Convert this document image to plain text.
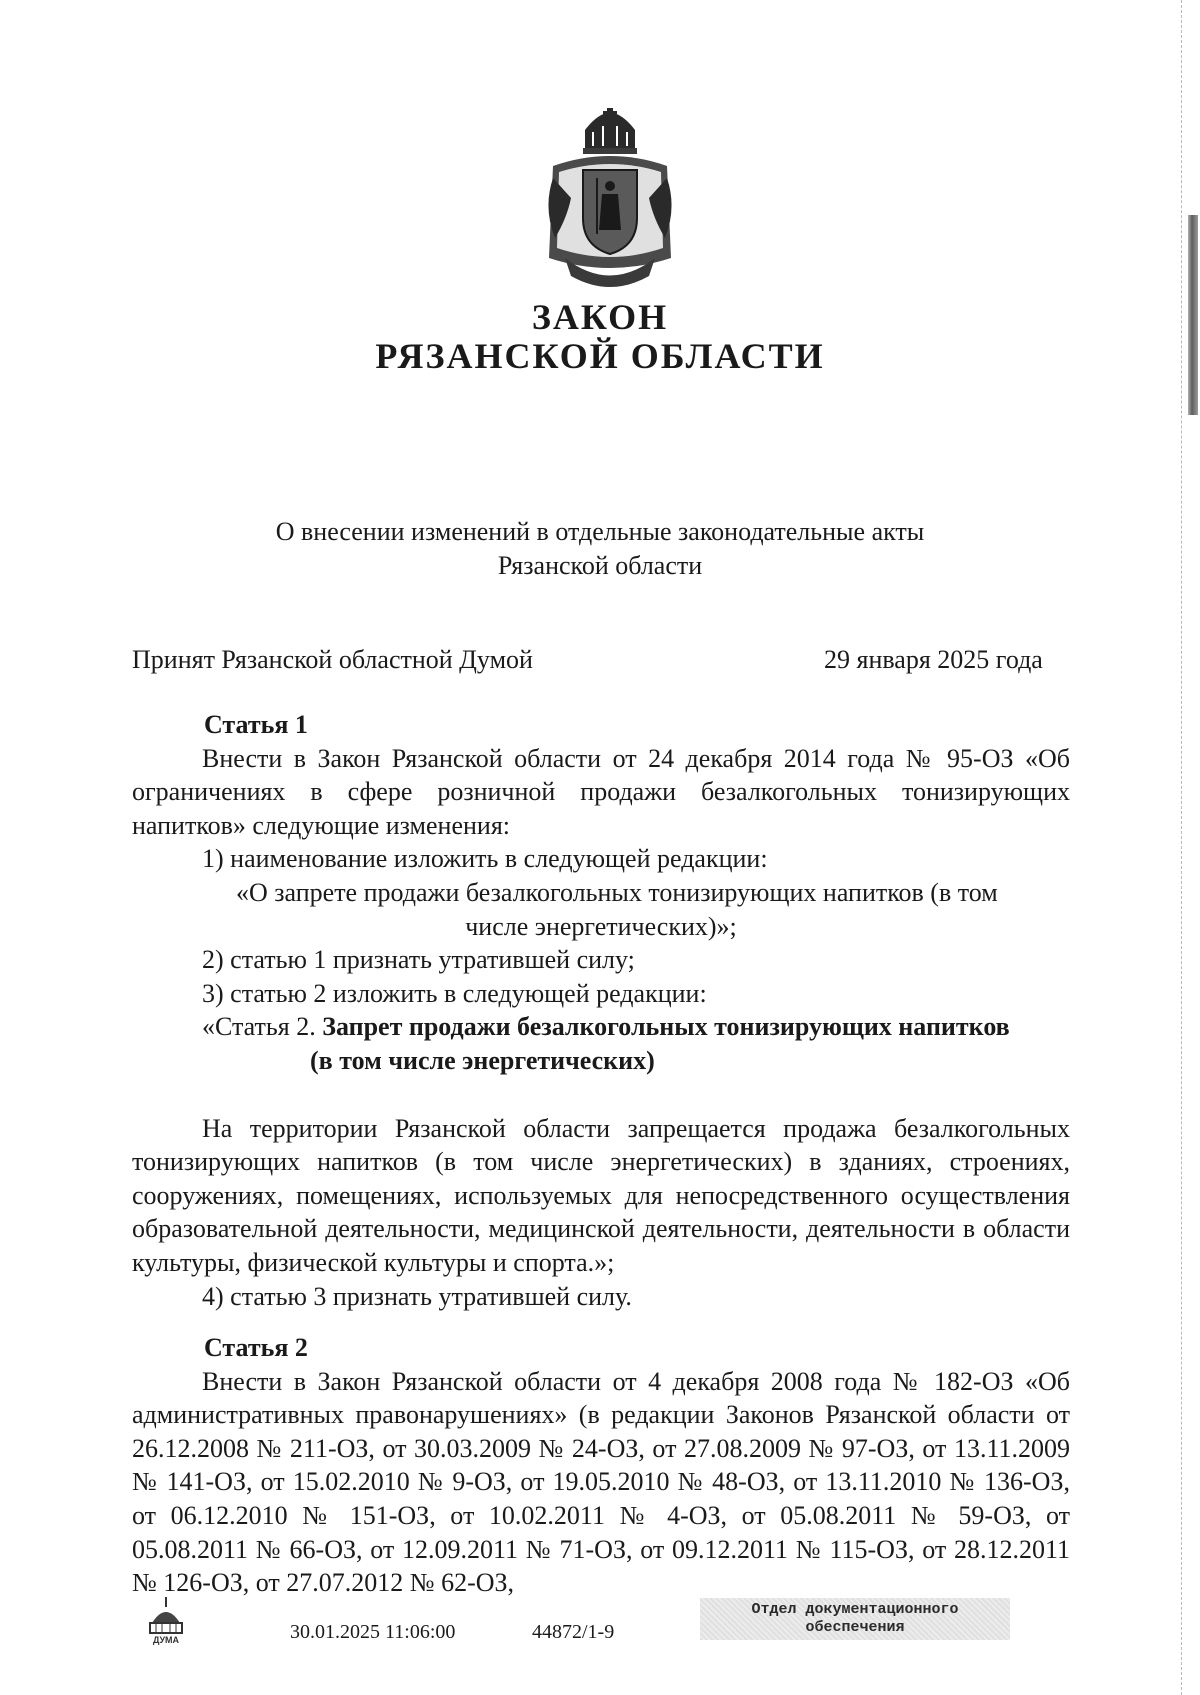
ЗАКОН
РЯЗАНСКОЙ ОБЛАСТИ
О внесении изменений в отдельные законодательные акты
Рязанской области
Принят Рязанской областной Думой	29 января 2025 года

Статья 1

Внести в Закон Рязанской области от 24 декабря 2014 года № 95-ОЗ «Об ограничениях в сфере розничной продажи безалкогольных тонизирующих напитков» следующие изменения:

1) наименование изложить в следующей редакции:

«О запрете продажи безалкогольных тонизирующих напитков (в том

числе энергетических)»;

2) статью 1 признать утратившей силу;

3) статью 2 изложить в следующей редакции:

«Статья 2. Запрет продажи безалкогольных тонизирующих напитков

(в том числе энергетических)

На территории Рязанской области запрещается продажа безалкогольных тонизирующих напитков (в том числе энергетических) в зданиях, строениях, сооружениях, помещениях, используемых для непосредственного осуществления образовательной деятельности, медицинской деятельности, деятельности в области культуры, физической культуры и спорта.»;

4) статью 3 признать утратившей силу.

Статья 2

Внести в Закон Рязанской области от 4 декабря 2008 года № 182-ОЗ «Об административных правонарушениях» (в редакции Законов Рязанской области от 26.12.2008 № 211-ОЗ, от 30.03.2009 № 24-ОЗ, от 27.08.2009 № 97-ОЗ, от 13.11.2009 № 141-ОЗ, от 15.02.2010 № 9-ОЗ, от 19.05.2010 № 48-ОЗ, от 13.11.2010 № 136-ОЗ, от 06.12.2010 № 151-ОЗ, от 10.02.2011 № 4-ОЗ, от 05.08.2011 № 59-ОЗ, от 05.08.2011 № 66-ОЗ, от 12.09.2011 № 71-ОЗ, от 09.12.2011 № 115-ОЗ, от 28.12.2011 № 126-ОЗ, от 27.07.2012 № 62-ОЗ,

ДУМА	30.01.2025 11:06:00	44872/1-9
Отдел документационного
обеспечения
